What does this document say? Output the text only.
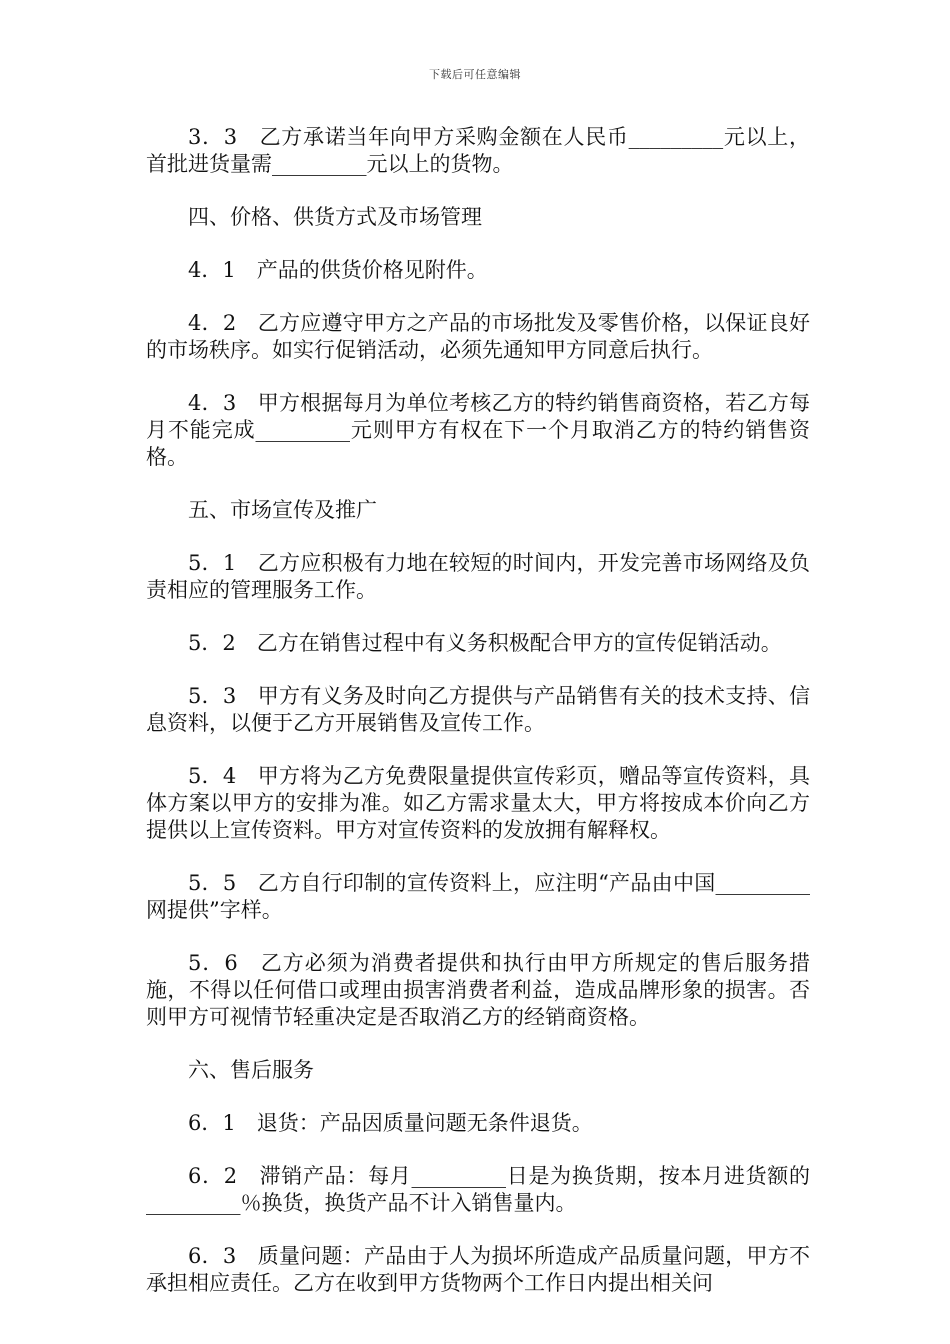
下载后可任意编辑

3．3　乙方承诺当年向甲方采购金额在人民币_________元以上，首批进货量需_________元以上的货物。

四、价格、供货方式及市场管理

4．1　产品的供货价格见附件。

4．2　乙方应遵守甲方之产品的市场批发及零售价格，以保证良好的市场秩序。如实行促销活动，必须先通知甲方同意后执行。

4．3　甲方根据每月为单位考核乙方的特约销售商资格，若乙方每月不能完成_________元则甲方有权在下一个月取消乙方的特约销售资格。

五、市场宣传及推广

5．1　乙方应积极有力地在较短的时间内，开发完善市场网络及负责相应的管理服务工作。

5．2　乙方在销售过程中有义务积极配合甲方的宣传促销活动。

5．3　甲方有义务及时向乙方提供与产品销售有关的技术支持、信息资料，以便于乙方开展销售及宣传工作。

5．4　甲方将为乙方免费限量提供宣传彩页，赠品等宣传资料，具体方案以甲方的安排为准。如乙方需求量太大，甲方将按成本价向乙方提供以上宣传资料。甲方对宣传资料的发放拥有解释权。

5．5　乙方自行印制的宣传资料上，应注明“产品由中国_________网提供”字样。

5．6　乙方必须为消费者提供和执行由甲方所规定的售后服务措施，不得以任何借口或理由损害消费者利益，造成品牌形象的损害。否则甲方可视情节轻重决定是否取消乙方的经销商资格。

六、售后服务

6．1　退货：产品因质量问题无条件退货。

6．2　滞销产品：每月_________日是为换货期，按本月进货额的_________％换货，换货产品不计入销售量内。

6．3　质量问题：产品由于人为损坏所造成产品质量问题，甲方不承担相应责任。乙方在收到甲方货物两个工作日内提出相关问
